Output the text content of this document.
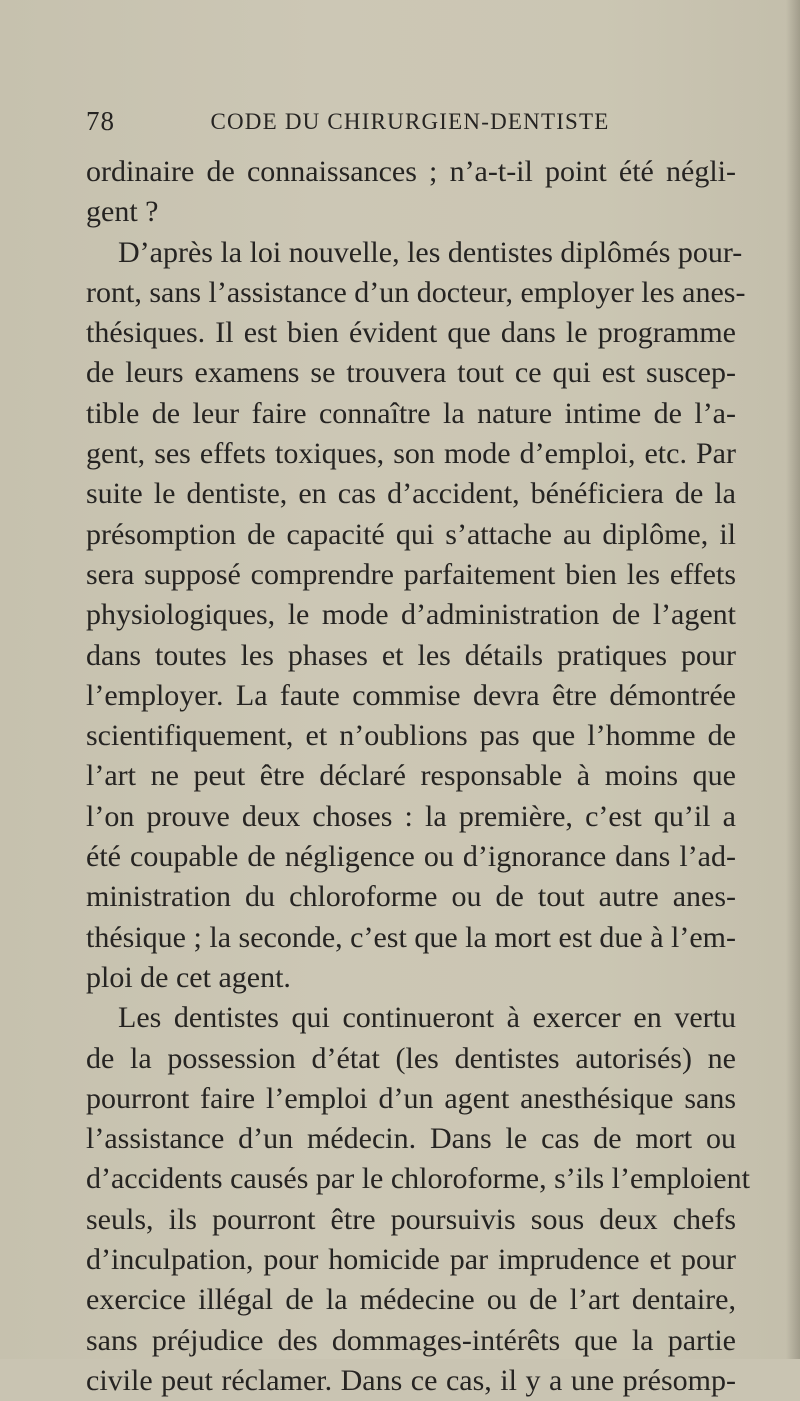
78	CODE DU CHIRURGIEN-DENTISTE
ordinaire de connaissances ; n’a-t-il point été négli-
gent ?
D’après la loi nouvelle, les dentistes diplômés pour-
ront, sans l’assistance d’un docteur, employer les anes-
thésiques. Il est bien évident que dans le programme
de leurs examens se trouvera tout ce qui est suscep-
tible de leur faire connaître la nature intime de l’a-
gent, ses effets toxiques, son mode d’emploi, etc. Par
suite le dentiste, en cas d’accident, bénéficiera de la
présomption de capacité qui s’attache au diplôme, il
sera supposé comprendre parfaitement bien les effets
physiologiques, le mode d’administration de l’agent
dans toutes les phases et les détails pratiques pour
l’employer. La faute commise devra être démontrée
scientifiquement, et n’oublions pas que l’homme de
l’art ne peut être déclaré responsable à moins que
l’on prouve deux choses : la première, c’est qu’il a
été coupable de négligence ou d’ignorance dans l’ad-
ministration du chloroforme ou de tout autre anes-
thésique ; la seconde, c’est que la mort est due à l’em-
ploi de cet agent.
Les dentistes qui continueront à exercer en vertu
de la possession d’état (les dentistes autorisés) ne
pourront faire l’emploi d’un agent anesthésique sans
l’assistance d’un médecin. Dans le cas de mort ou
d’accidents causés par le chloroforme, s’ils l’emploient
seuls, ils pourront être poursuivis sous deux chefs
d’inculpation, pour homicide par imprudence et pour
exercice illégal de la médecine ou de l’art dentaire,
sans préjudice des dommages-intérêts que la partie
civile peut réclamer. Dans ce cas, il y a une présomp-
